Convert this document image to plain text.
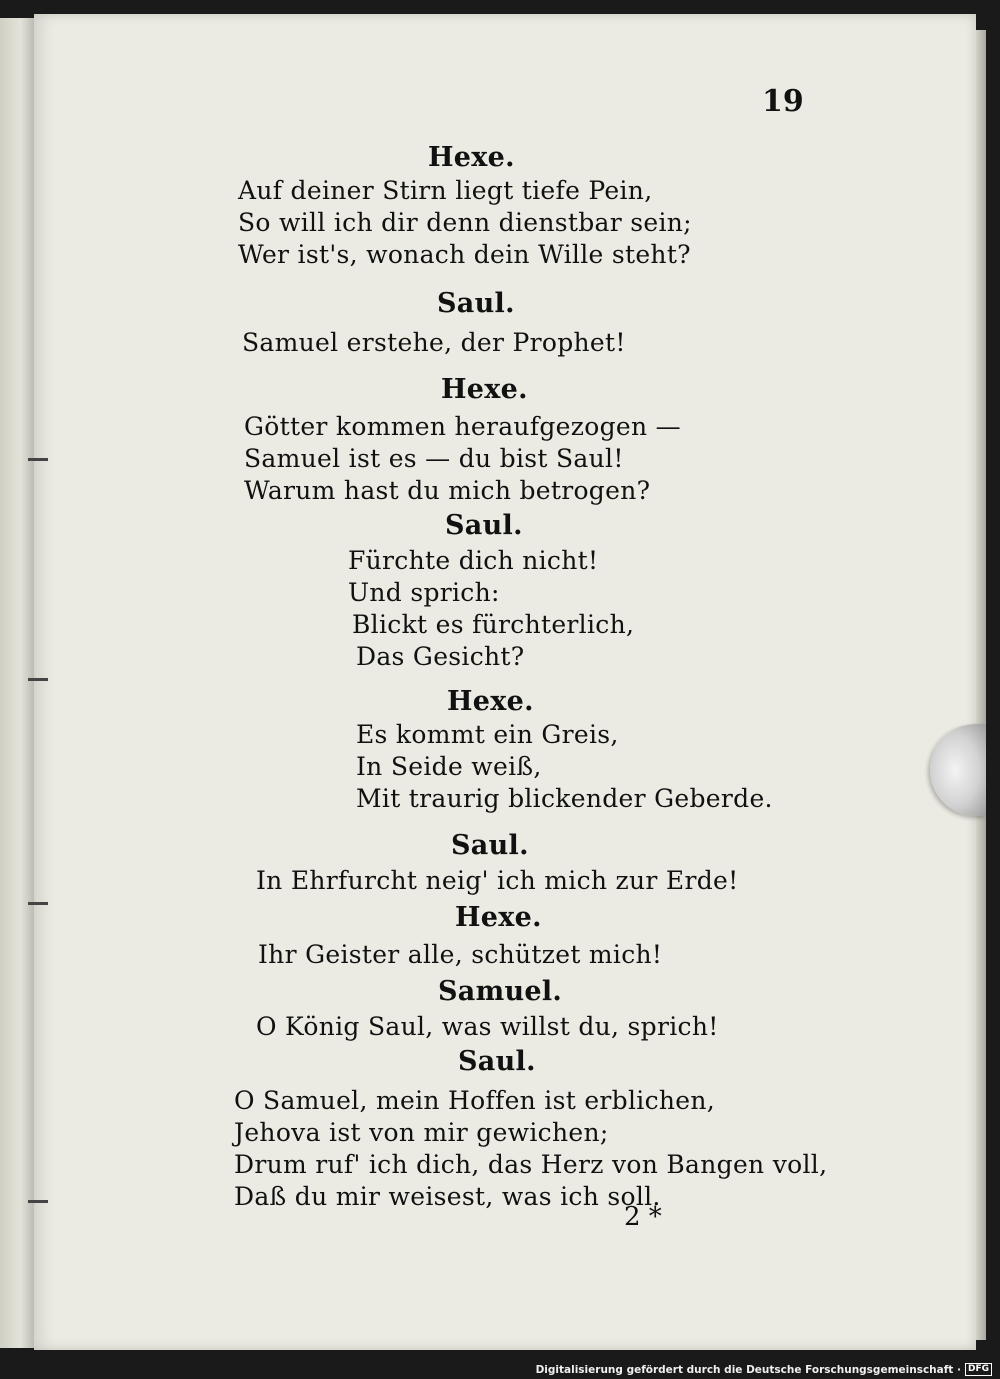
19
Hexe.
Auf deiner Stirn liegt tiefe Pein,
So will ich dir denn dienstbar sein;
Wer ist's, wonach dein Wille steht?
Saul.
Samuel erstehe, der Prophet!
Hexe.
Götter kommen heraufgezogen —
Samuel ist es — du bist Saul!
Warum hast du mich betrogen?
Saul.
Fürchte dich nicht!
Und sprich:
Blickt es fürchterlich,
Das Gesicht?
Hexe.
Es kommt ein Greis,
In Seide weiß,
Mit traurig blickender Geberde.
Saul.
In Ehrfurcht neig' ich mich zur Erde!
Hexe.
Ihr Geister alle, schützet mich!
Samuel.
O König Saul, was willst du, sprich!
Saul.
O Samuel, mein Hoffen ist erblichen,
Jehova ist von mir gewichen;
Drum ruf' ich dich, das Herz von Bangen voll,
Daß du mir weisest, was ich soll.
2 *
Digitalisierung gefördert durch die Deutsche Forschungsgemeinschaft · DFG
